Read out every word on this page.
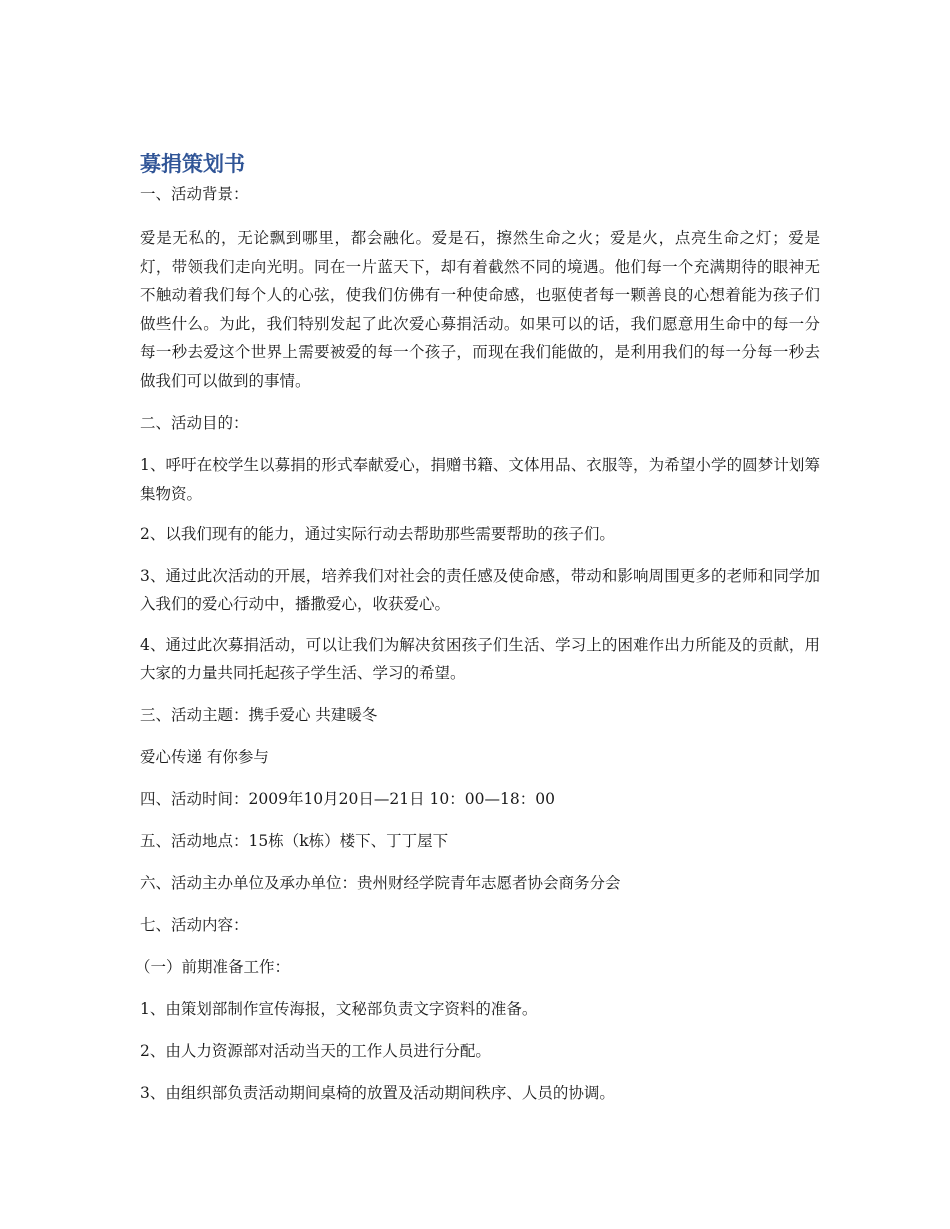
募捐策划书

一、活动背景：

爱是无私的，无论飘到哪里，都会融化。爱是石，擦然生命之火；爱是火，点亮生命之灯；爱是灯，带领我们走向光明。同在一片蓝天下，却有着截然不同的境遇。他们每一个充满期待的眼神无不触动着我们每个人的心弦，使我们仿佛有一种使命感，也驱使者每一颗善良的心想着能为孩子们做些什么。为此，我们特别发起了此次爱心募捐活动。如果可以的话，我们愿意用生命中的每一分每一秒去爱这个世界上需要被爱的每一个孩子，而现在我们能做的，是利用我们的每一分每一秒去做我们可以做到的事情。

二、活动目的：

1、呼吁在校学生以募捐的形式奉献爱心，捐赠书籍、文体用品、衣服等，为希望小学的圆梦计划筹集物资。

2、以我们现有的能力，通过实际行动去帮助那些需要帮助的孩子们。

3、通过此次活动的开展，培养我们对社会的责任感及使命感，带动和影响周围更多的老师和同学加入我们的爱心行动中，播撒爱心，收获爱心。

4、通过此次募捐活动，可以让我们为解决贫困孩子们生活、学习上的困难作出力所能及的贡献，用大家的力量共同托起孩子学生活、学习的希望。

三、活动主题：携手爱心 共建暖冬

爱心传递 有你参与

四、活动时间：2009年10月20日—21日 10：00—18：00

五、活动地点：15栋（k栋）楼下、丁丁屋下

六、活动主办单位及承办单位：贵州财经学院青年志愿者协会商务分会

七、活动内容：

（一）前期准备工作：

1、由策划部制作宣传海报，文秘部负责文字资料的准备。

2、由人力资源部对活动当天的工作人员进行分配。

3、由组织部负责活动期间桌椅的放置及活动期间秩序、人员的协调。
